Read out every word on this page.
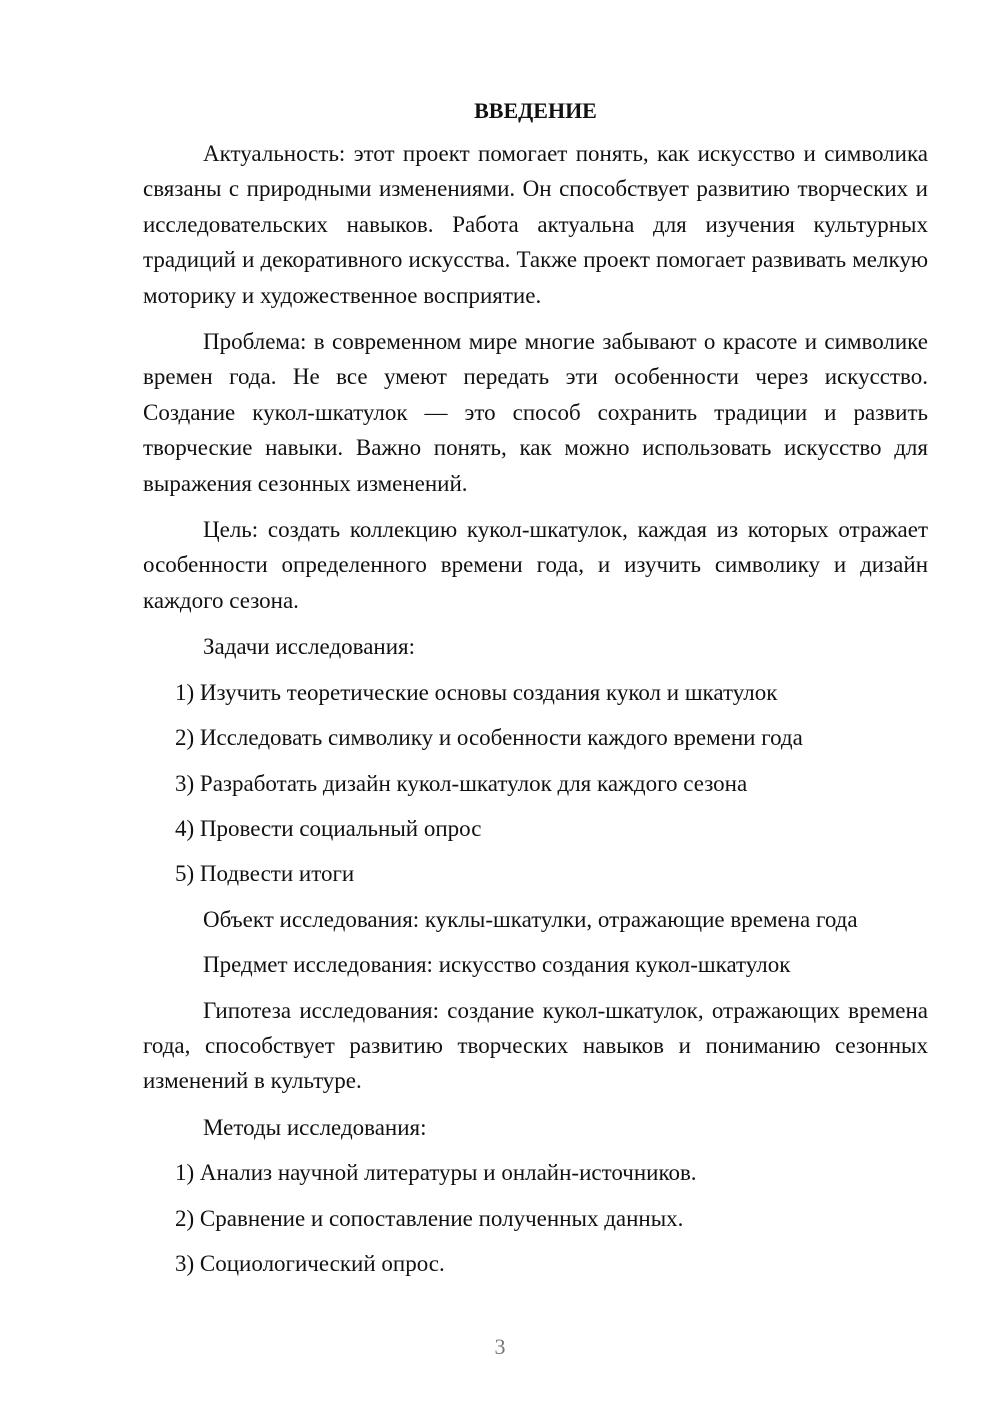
ВВЕДЕНИЕ

Актуальность: этот проект помогает понять, как искусство и символика связаны с природными изменениями. Он способствует развитию творческих и исследовательских навыков. Работа актуальна для изучения культурных традиций и декоративного искусства. Также проект помогает развивать мелкую моторику и художественное восприятие.

Проблема: в современном мире многие забывают о красоте и символике времен года. Не все умеют передать эти особенности через искусство. Создание кукол-шкатулок — это способ сохранить традиции и развить творческие навыки. Важно понять, как можно использовать искусство для выражения сезонных изменений.

Цель: создать коллекцию кукол-шкатулок, каждая из которых отражает особенности определенного времени года, и изучить символику и дизайн каждого сезона.

Задачи исследования:
1) Изучить теоретические основы создания кукол и шкатулок
2) Исследовать символику и особенности каждого времени года
3) Разработать дизайн кукол-шкатулок для каждого сезона
4) Провести социальный опрос
5) Подвести итоги
Объект исследования: куклы-шкатулки, отражающие времена года
Предмет исследования: искусство создания кукол-шкатулок

Гипотеза исследования: создание кукол-шкатулок, отражающих времена года, способствует развитию творческих навыков и пониманию сезонных изменений в культуре.

Методы исследования:
1) Анализ научной литературы и онлайн-источников.
2) Сравнение и сопоставление полученных данных.
3) Социологический опрос.
3
